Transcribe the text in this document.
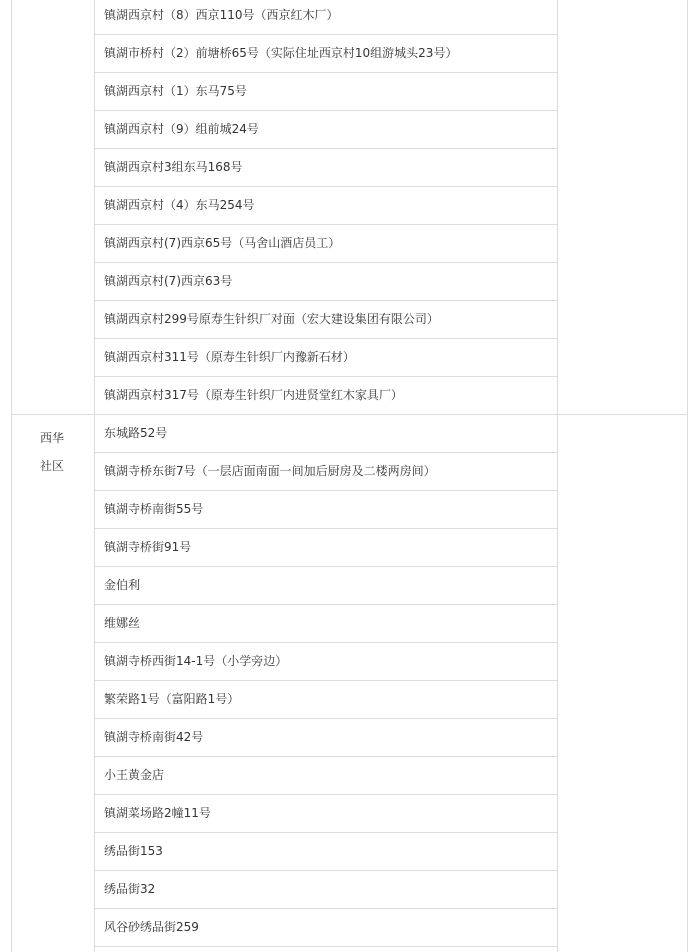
西华
社区
镇湖西京村（8）西京110号（西京红木厂）
镇湖市桥村（2）前塘桥65号（实际住址西京村10组游城头23号）
镇湖西京村（1）东马75号
镇湖西京村（9）组前城24号
镇湖西京村3组东马168号
镇湖西京村（4）东马254号
镇湖西京村(7)西京65号（马舍山酒店员工）
镇湖西京村(7)西京63号
镇湖西京村299号原寿生针织厂对面（宏大建设集团有限公司）
镇湖西京村311号（原寿生针织厂内豫新石材）
镇湖西京村317号（原寿生针织厂内进贤堂红木家具厂）
东城路52号
镇湖寺桥东街7号（一层店面南面一间加后厨房及二楼两房间）
镇湖寺桥南街55号
镇湖寺桥街91号
金伯利
维娜丝
镇湖寺桥西街14-1号（小学旁边）
繁荣路1号（富阳路1号）
镇湖寺桥南街42号
小王黄金店
镇湖菜场路2幢11号
绣品街153
绣品街32
风谷砂绣品街259
